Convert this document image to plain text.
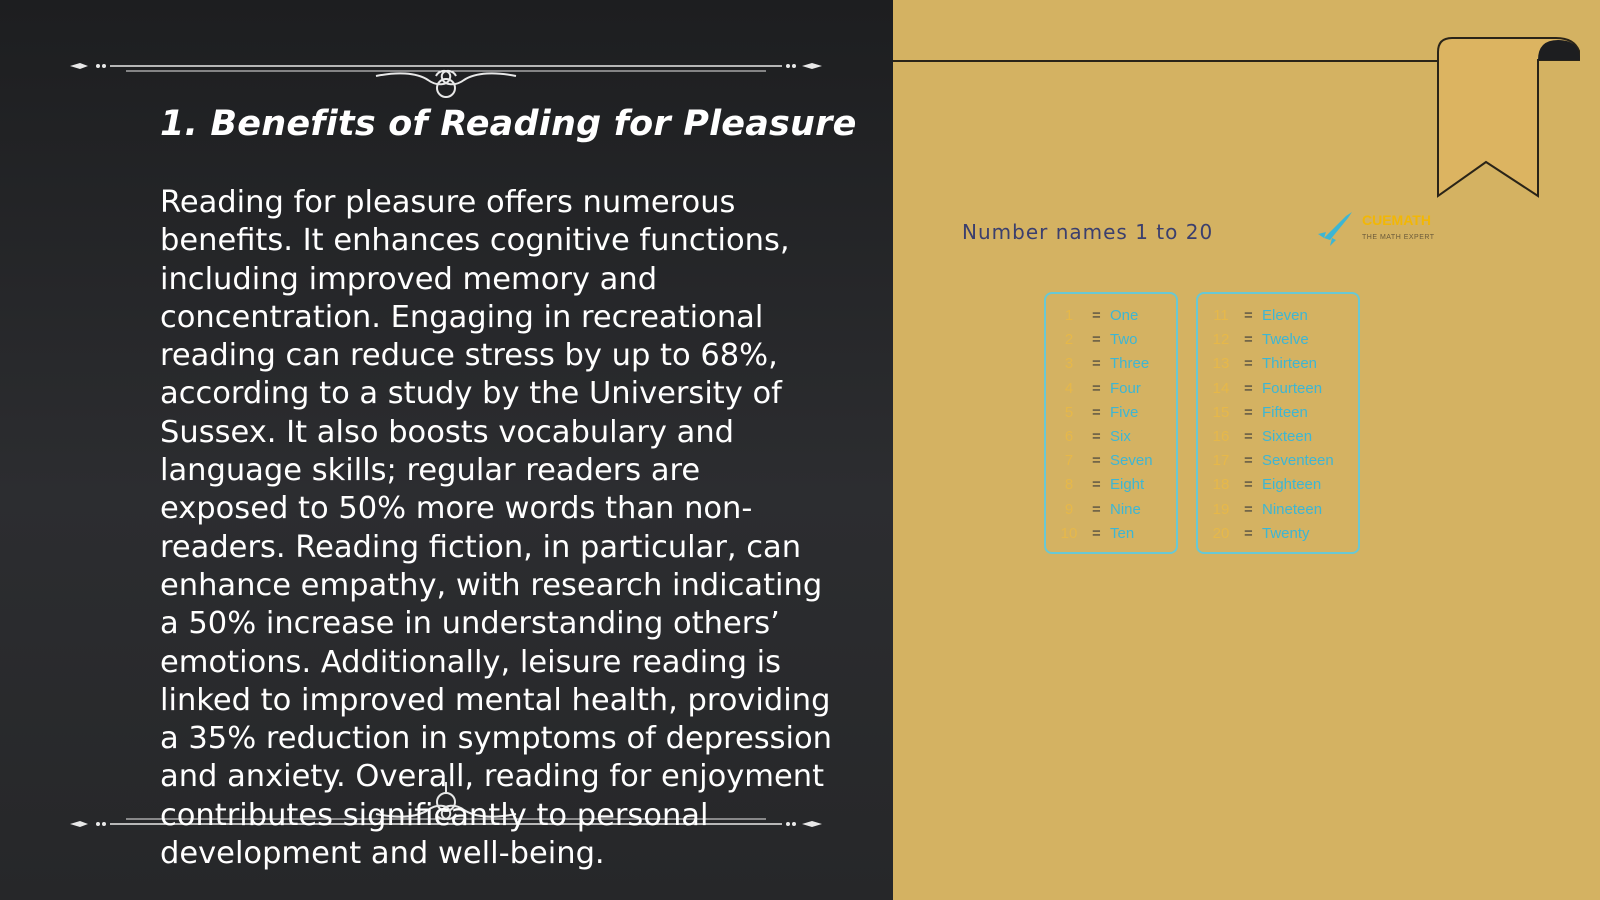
1. Benefits of Reading for Pleasure

Reading for pleasure offers numerous benefits. It enhances cognitive functions, including improved memory and concentration. Engaging in recreational reading can reduce stress by up to 68%, according to a study by the University of Sussex. It also boosts vocabulary and language skills; regular readers are exposed to 50% more words than non-readers. Reading fiction, in particular, can enhance empathy, with research indicating a 50% increase in understanding others’ emotions. Additionally, leisure reading is linked to improved mental health, providing a 35% reduction in symptoms of depression and anxiety. Overall, reading for enjoyment contributes significantly to personal development and well-being.

Number names 1 to 20	CUEMATH
THE MATH EXPERT
1	= One
2	= Two
3	= Three
4	= Four
5	= Five
6	= Six
7	= Seven
8	= Eight
9	= Nine
10 = Ten
11	= Eleven
12 = Twelve
13 = Thirteen
14 = Fourteen
15 = Fifteen
16 = Sixteen
17 = Seventeen
18 = Eighteen
19 = Nineteen
20 = Twenty
